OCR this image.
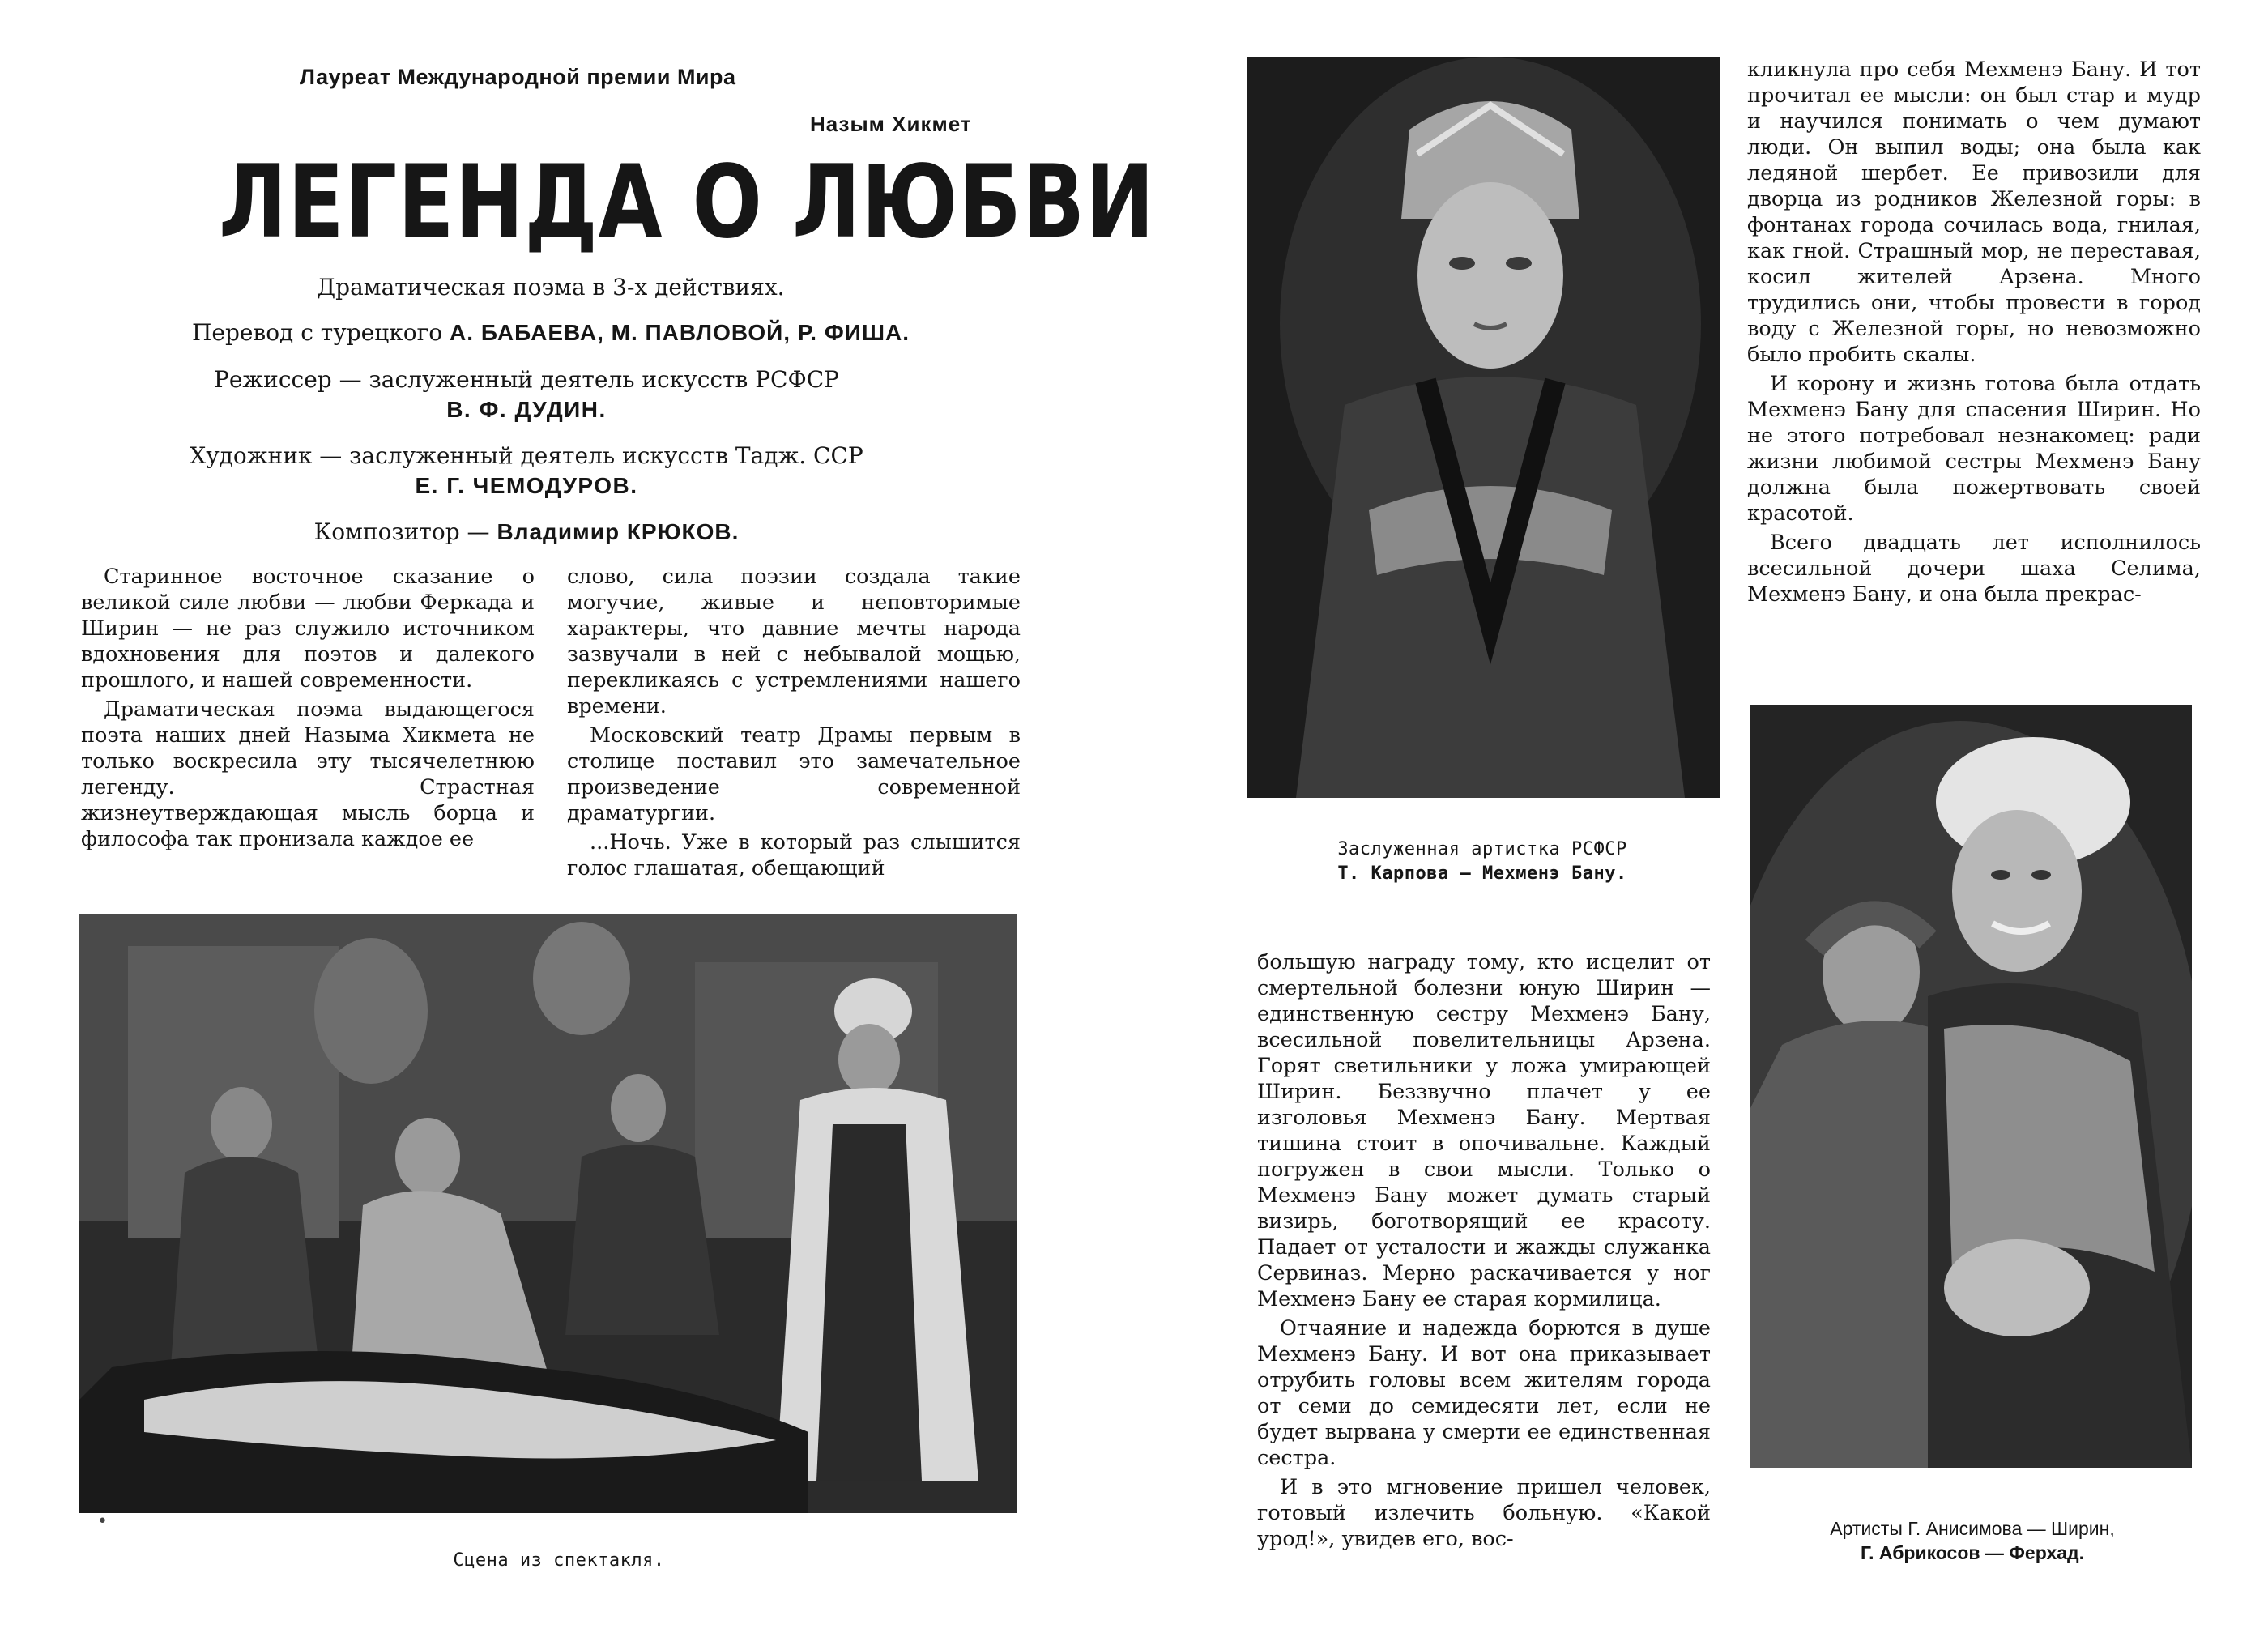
Лауреат Международной премии Мира
Назым Хикмет
ЛЕГЕНДА О ЛЮБВИ
Драматическая поэма в 3-х действиях.
Перевод с турецкого А. БАБАЕВА, М. ПАВЛОВОЙ, Р. ФИША.
Режиссер — заслуженный деятель искусств РСФСР
В. Ф. ДУДИН.
Художник — заслуженный деятель искусств Тадж. ССР
Е. Г. ЧЕМОДУРОВ.
Композитор — Владимир КРЮКОВ.

Старинное восточное сказание о великой силе любви — любви Феркада и Ширин — не раз служило источником вдохновения для поэтов и далекого прошлого, и нашей современности.

Драматическая поэма выдающегося поэта наших дней Назыма Хикмета не только воскресила эту тысячелетнюю легенду. Страстная жизнеутверждающая мысль борца и философа так пронизала каждое ее

слово, сила поэзии создала такие могучие, живые и неповторимые характеры, что давние мечты народа зазвучали в ней с небывалой мощью, перекликаясь с устремлениями нашего времени.

Московский театр Драмы первым в столице поставил это замечательное произведение современной драматургии.

...Ночь. Уже в который раз слышится голос глашатая, обещающий

Сцена из спектакля.
•
Заслуженная артистка РСФСР
Т. Карпова — Мехменэ Бану.

большую награду тому, кто исцелит от смертельной болезни юную Ширин — единственную сестру Мехменэ Бану, всесильной повелительницы Арзена. Горят светильники у ложа умирающей Ширин. Беззвучно плачет у ее изголовья Мехменэ Бану. Мертвая тишина стоит в опочивальне. Каждый погружен в свои мысли. Только о Мехменэ Бану может думать старый визирь, боготворящий ее красоту. Падает от усталости и жажды служанка Сервиназ. Мерно раскачивается у ног Мехменэ Бану ее старая кормилица.

Отчаяние и надежда борются в душе Мехменэ Бану. И вот она приказывает отрубить головы всем жителям города от семи до семидесяти лет, если не будет вырвана у смерти ее единственная сестра.

И в это мгновение пришел человек, готовый излечить больную. «Какой урод!», увидев его, вос-

кликнула про себя Мехменэ Бану. И тот прочитал ее мысли: он был стар и мудр и научился понимать о чем думают люди. Он выпил воды; она была как ледяной шербет. Ее привозили для дворца из родников Железной горы: в фонтанах города сочилась вода, гнилая, как гной. Страшный мор, не переставая, косил жителей Арзена. Много трудились они, чтобы провести в город воду с Железной горы, но невозможно было пробить скалы.

И корону и жизнь готова была отдать Мехменэ Бану для спасения Ширин. Но не этого потребовал незнакомец: ради жизни любимой сестры Мехменэ Бану должна была пожертвовать своей красотой.

Всего двадцать лет исполнилось всесильной дочери шаха Селима, Мехменэ Бану, и она была прекрас-

Артисты Г. Анисимова — Ширин,
Г. Абрикосов — Ферхад.
